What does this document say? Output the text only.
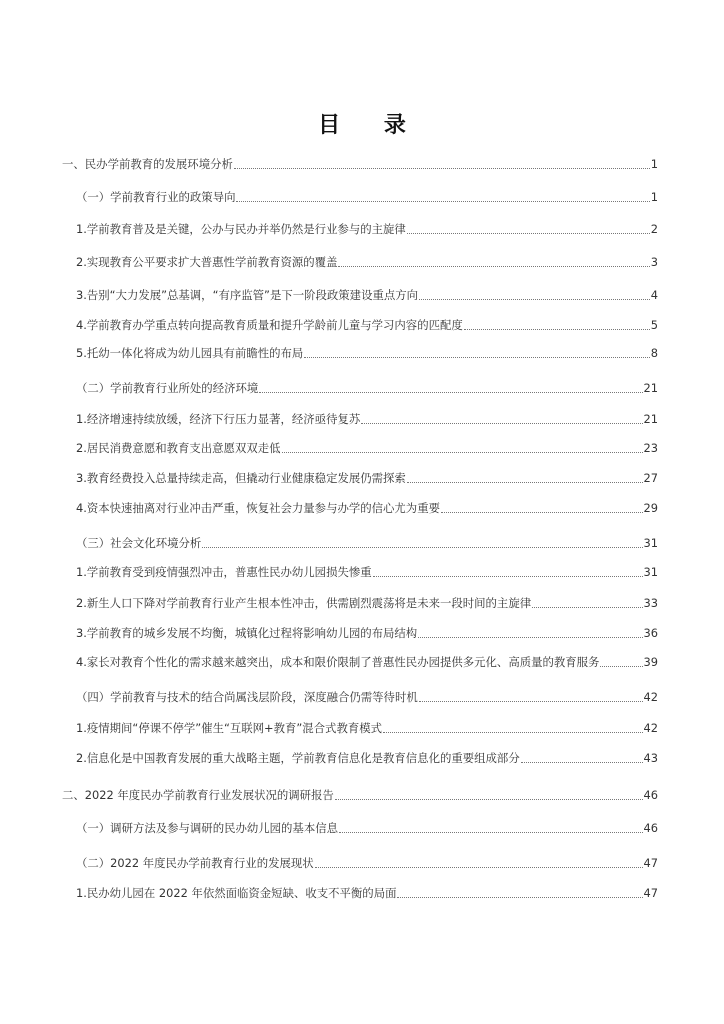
目 录
一、民办学前教育的发展环境分析	1
（一）学前教育行业的政策导向	1
1.学前教育普及是关键，公办与民办并举仍然是行业参与的主旋律	2
2.实现教育公平要求扩大普惠性学前教育资源的覆盖	3
3.告别“大力发展”总基调，“有序监管”是下一阶段政策建设重点方向	4
4.学前教育办学重点转向提高教育质量和提升学龄前儿童与学习内容的匹配度	5
5.托幼一体化将成为幼儿园具有前瞻性的布局	8
（二）学前教育行业所处的经济环境	21
1.经济增速持续放缓，经济下行压力显著，经济亟待复苏	21
2.居民消费意愿和教育支出意愿双双走低	23
3.教育经费投入总量持续走高，但撬动行业健康稳定发展仍需探索	27
4.资本快速抽离对行业冲击严重，恢复社会力量参与办学的信心尤为重要	29
（三）社会文化环境分析	31
1.学前教育受到疫情强烈冲击，普惠性民办幼儿园损失惨重	31
2.新生人口下降对学前教育行业产生根本性冲击，供需剧烈震荡将是未来一段时间的主旋律	33
3.学前教育的城乡发展不均衡，城镇化过程将影响幼儿园的布局结构	36
4.家长对教育个性化的需求越来越突出，成本和限价限制了普惠性民办园提供多元化、高质量的教育服务	39
（四）学前教育与技术的结合尚属浅层阶段，深度融合仍需等待时机	42
1.疫情期间“停课不停学”催生“互联网+教育”混合式教育模式	42
2.信息化是中国教育发展的重大战略主题，学前教育信息化是教育信息化的重要组成部分	43
二、2022 年度民办学前教育行业发展状况的调研报告	46
（一）调研方法及参与调研的民办幼儿园的基本信息	46
（二）2022 年度民办学前教育行业的发展现状	47
1.民办幼儿园在 2022 年依然面临资金短缺、收支不平衡的局面	47
